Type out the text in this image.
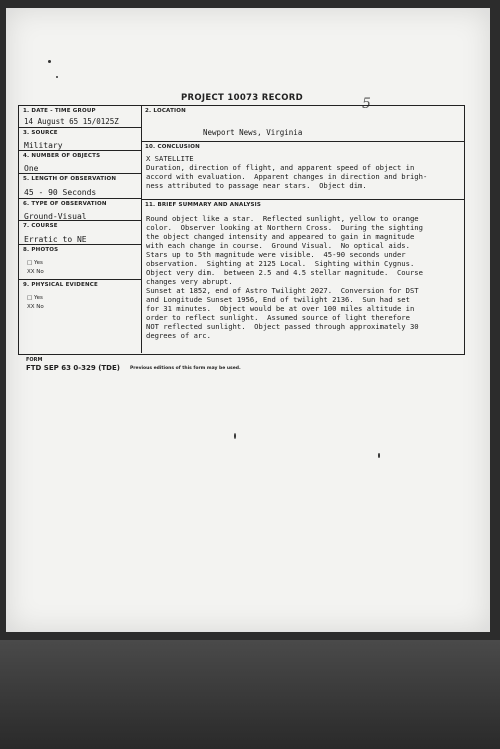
PROJECT 10073 RECORD	5
1. DATE - TIME GROUP
14 August 65 15/0125Z
3. SOURCE
Military
4. NUMBER OF OBJECTS
One
5. LENGTH OF OBSERVATION
45 - 90 Seconds
6. TYPE OF OBSERVATION
Ground-Visual
7. COURSE
Erratic to NE
8. PHOTOS
□ Yes
XX No
9. PHYSICAL EVIDENCE
□ Yes
XX No
2. LOCATION
Newport News, Virginia
10. CONCLUSION
X SATELLITE
Duration, direction of flight, and apparent speed of object in
accord with evaluation.  Apparent changes in direction and brigh-
ness attributed to passage near stars.  Object dim.
11. BRIEF SUMMARY AND ANALYSIS
Round object like a star.  Reflected sunlight, yellow to orange
color.  Observer looking at Northern Cross.  During the sighting
the object changed intensity and appeared to gain in magnitude
with each change in course.  Ground Visual.  No optical aids.
Stars up to 5th magnitude were visible.  45-90 seconds under
observation.  Sighting at 2125 Local.  Sighting within Cygnus.
Object very dim.  between 2.5 and 4.5 stellar magnitude.  Course
changes very abrupt.
Sunset at 1852, end of Astro Twilight 2027.  Conversion for DST
and Longitude Sunset 1956, End of twilight 2136.  Sun had set
for 31 minutes.  Object would be at over 100 miles altitude in
order to reflect sunlight.  Assumed source of light therefore
NOT reflected sunlight.  Object passed through approximately 30
degrees of arc.
FORM
FTD SEP 63 0-329 (TDE) Previous editions of this form may be used.
